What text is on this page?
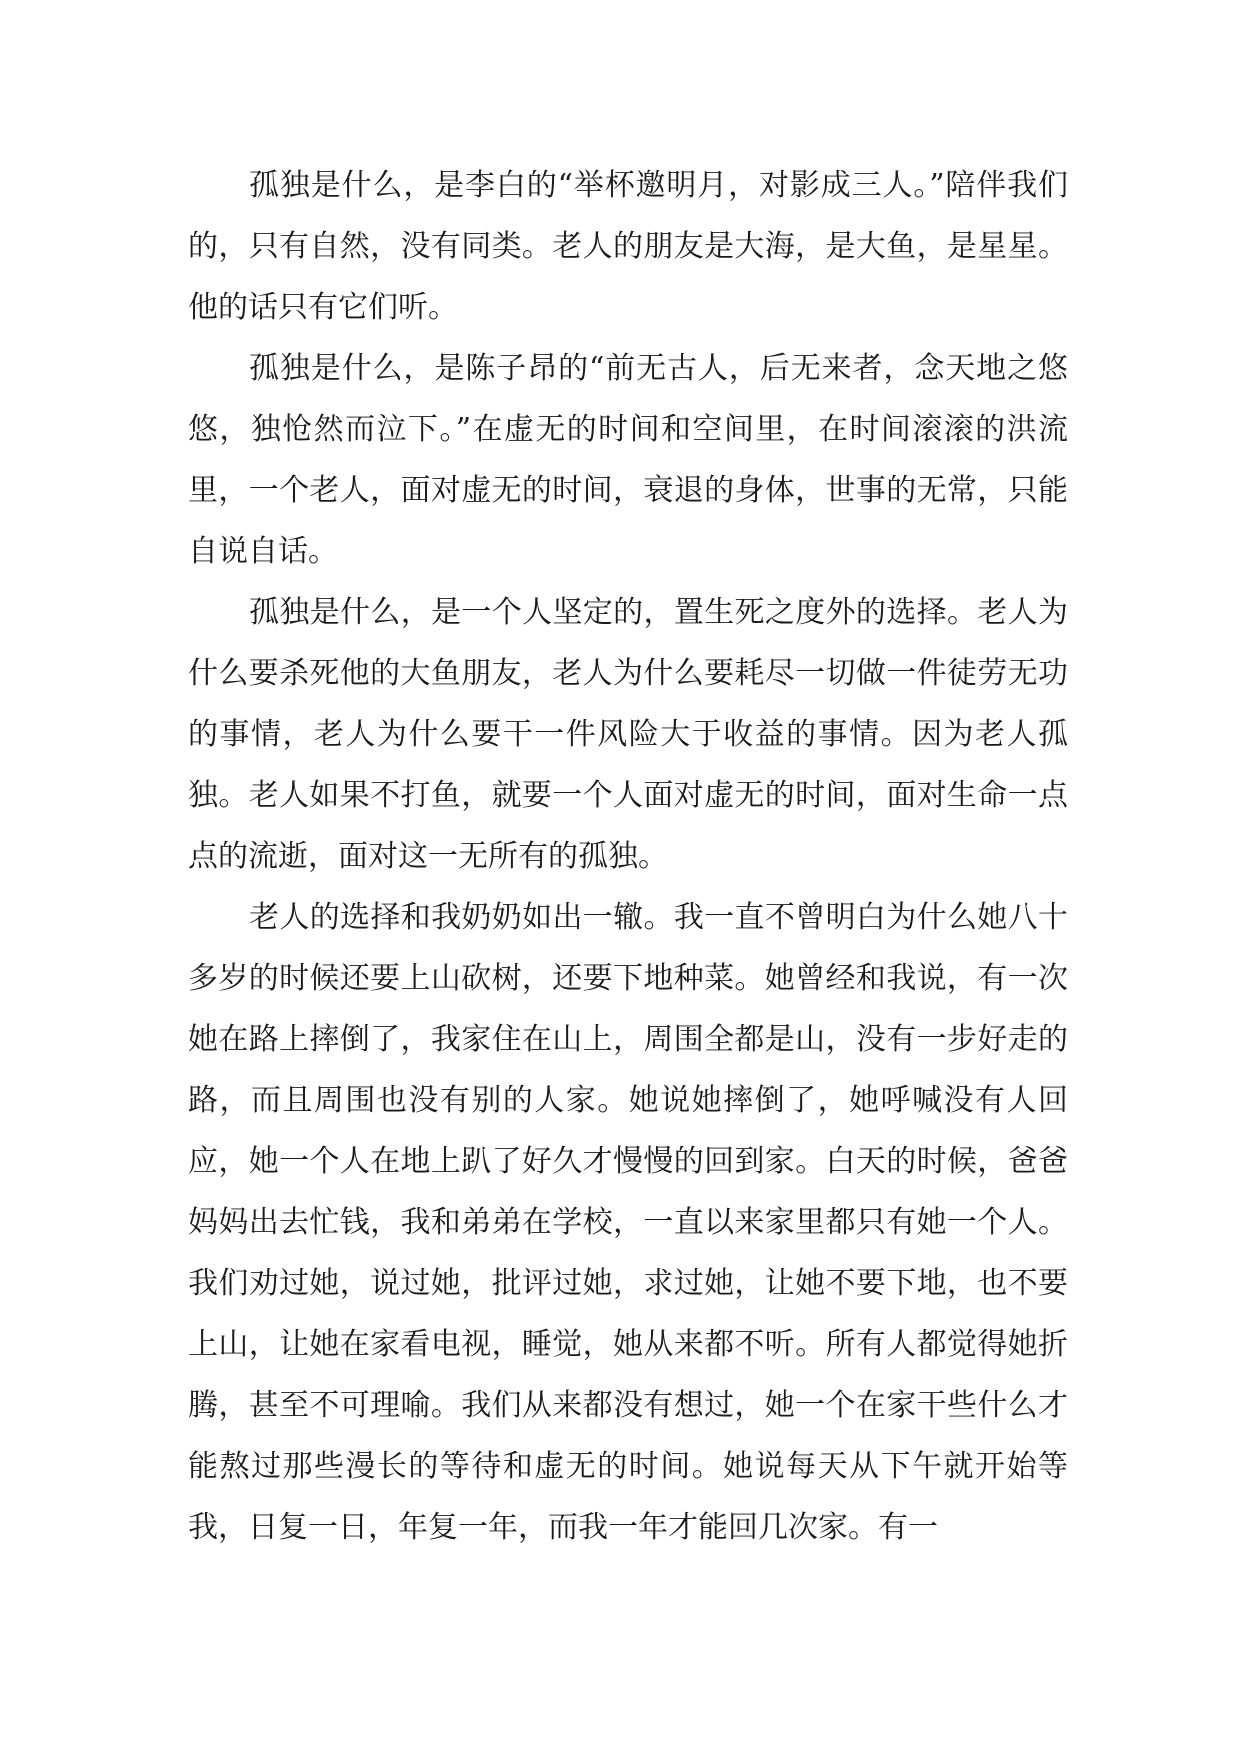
孤独是什么，是李白的“举杯邀明月，对影成三人。”陪伴我们的，只有自然，没有同类。老人的朋友是大海，是大鱼，是星星。他的话只有它们听。

孤独是什么，是陈子昂的“前无古人，后无来者，念天地之悠悠，独怆然而泣下。”在虚无的时间和空间里，在时间滚滚的洪流里，一个老人，面对虚无的时间，衰退的身体，世事的无常，只能自说自话。

孤独是什么，是一个人坚定的，置生死之度外的选择。老人为什么要杀死他的大鱼朋友，老人为什么要耗尽一切做一件徒劳无功的事情，老人为什么要干一件风险大于收益的事情。因为老人孤独。老人如果不打鱼，就要一个人面对虚无的时间，面对生命一点点的流逝，面对这一无所有的孤独。

老人的选择和我奶奶如出一辙。我一直不曾明白为什么她八十多岁的时候还要上山砍树，还要下地种菜。她曾经和我说，有一次她在路上摔倒了，我家住在山上，周围全都是山，没有一步好走的路，而且周围也没有别的人家。她说她摔倒了，她呼喊没有人回应，她一个人在地上趴了好久才慢慢的回到家。白天的时候，爸爸妈妈出去忙钱，我和弟弟在学校，一直以来家里都只有她一个人。我们劝过她，说过她，批评过她，求过她，让她不要下地，也不要上山，让她在家看电视，睡觉，她从来都不听。所有人都觉得她折腾，甚至不可理喻。我们从来都没有想过，她一个在家干些什么才能熬过那些漫长的等待和虚无的时间。她说每天从下午就开始等我，日复一日，年复一年，而我一年才能回几次家。有一
